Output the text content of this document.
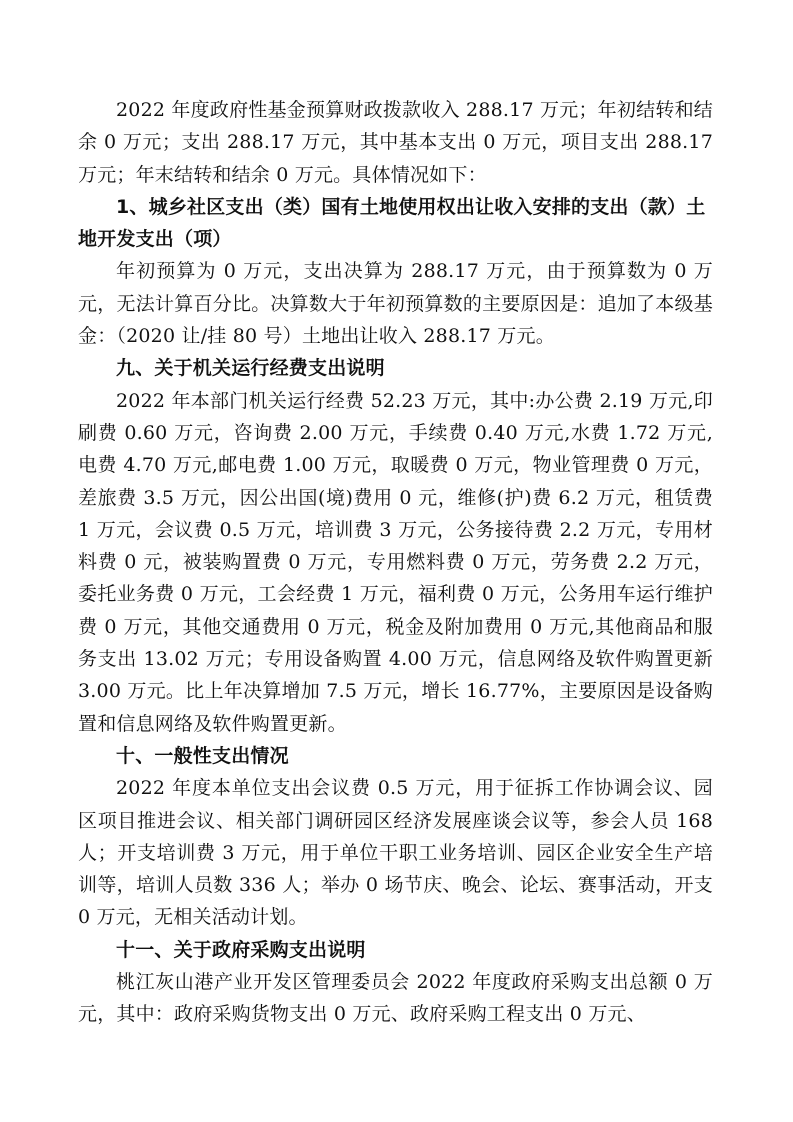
2022 年度政府性基金预算财政拨款收入 288.17 万元；年初结转和结余 0 万元；支出 288.17 万元，其中基本支出 0 万元，项目支出 288.17 万元；年末结转和结余 0 万元。具体情况如下：

1、城乡社区支出（类）国有土地使用权出让收入安排的支出（款）土地开发支出（项）

年初预算为 0 万元，支出决算为 288.17 万元，由于预算数为 0 万元，无法计算百分比。决算数大于年初预算数的主要原因是：追加了本级基金：（2020 让/挂 80 号）土地出让收入 288.17 万元。

九、关于机关运行经费支出说明

2022 年本部门机关运行经费 52.23 万元，其中:办公费 2.19 万元,印刷费 0.60 万元，咨询费 2.00 万元，手续费 0.40 万元,水费 1.72 万元,电费 4.70 万元,邮电费 1.00 万元，取暖费 0 万元，物业管理费 0 万元，差旅费 3.5 万元，因公出国(境)费用 0 元，维修(护)费 6.2 万元，租赁费 1 万元，会议费 0.5 万元，培训费 3 万元，公务接待费 2.2 万元，专用材料费 0 元，被装购置费 0 万元，专用燃料费 0 万元，劳务费 2.2 万元，委托业务费 0 万元，工会经费 1 万元，福利费 0 万元，公务用车运行维护费 0 万元，其他交通费用 0 万元，税金及附加费用 0 万元,其他商品和服务支出 13.02 万元；专用设备购置 4.00 万元，信息网络及软件购置更新 3.00 万元。比上年决算增加 7.5 万元，增长 16.77%，主要原因是设备购置和信息网络及软件购置更新。

十、一般性支出情况

2022 年度本单位支出会议费 0.5 万元，用于征拆工作协调会议、园区项目推进会议、相关部门调研园区经济发展座谈会议等，参会人员 168 人；开支培训费 3 万元，用于单位干职工业务培训、园区企业安全生产培训等，培训人员数 336 人；举办 0 场节庆、晚会、论坛、赛事活动，开支 0 万元，无相关活动计划。

十一、关于政府采购支出说明

桃江灰山港产业开发区管理委员会 2022 年度政府采购支出总额 0 万元，其中：政府采购货物支出 0 万元、政府采购工程支出 0 万元、
